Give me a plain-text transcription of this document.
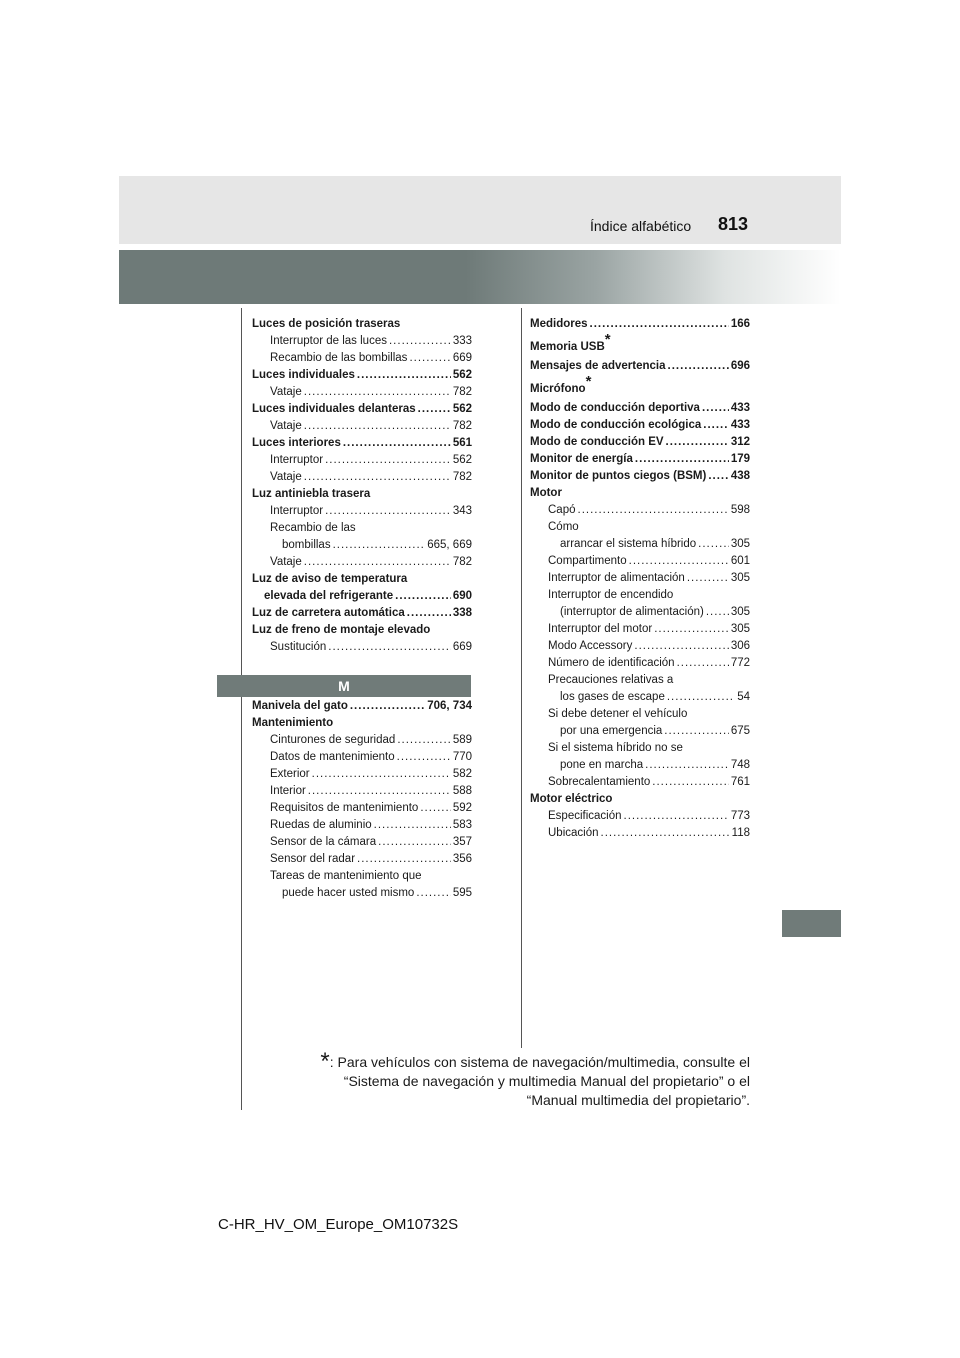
Índice alfabético 813
Luces de posición traseras
Interruptor de las luces .....	333
Recambio de las bombillas .....	669
Luces individuales .....	562
Vataje .....	782
Luces individuales delanteras .....	562
Vataje .....	782
Luces interiores .....	561
Interruptor .....	562
Vataje .....	782
Luz antiniebla trasera
Interruptor .....	343
Recambio de las
bombillas .....	665, 669
Vataje .....	782
Luz de aviso de temperatura
elevada del refrigerante .....	690
Luz de carretera automática .....	338
Luz de freno de montaje elevado
Sustitución .....	669
M
Manivela del gato .....	706, 734
Mantenimiento
Cinturones de seguridad .....	589
Datos de mantenimiento .....	770
Exterior .....	582
Interior .....	588
Requisitos de mantenimiento .....	592
Ruedas de aluminio .....	583
Sensor de la cámara .....	357
Sensor del radar .....	356
Tareas de mantenimiento que
puede hacer usted mismo .....	595
Medidores .....	166
Memoria USB*
Mensajes de advertencia .....	696
Micrófono*
Modo de conducción deportiva .....	433
Modo de conducción ecológica .....	433
Modo de conducción EV .....	312
Monitor de energía .....	179
Monitor de puntos ciegos (BSM) ..... 438
Motor
Capó .....	598
Cómo
arrancar el sistema híbrido .....	305
Compartimento .....	601
Interruptor de alimentación .....	305
Interruptor de encendido
(interruptor de alimentación) ..... 305
Interruptor del motor .....	305
Modo Accessory .....	306
Número de identificación .....	772
Precauciones relativas a
los gases de escape .....	54
Si debe detener el vehículo
por una emergencia .....	675
Si el sistema híbrido no se
pone en marcha .....	748
Sobrecalentamiento .....	761
Motor eléctrico
Especificación .....	773
Ubicación .....	118
*: Para vehículos con sistema de navegación/multimedia, consulte el
“Sistema de navegación y multimedia Manual del propietario” o el
“Manual multimedia del propietario”.
C-HR_HV_OM_Europe_OM10732S
